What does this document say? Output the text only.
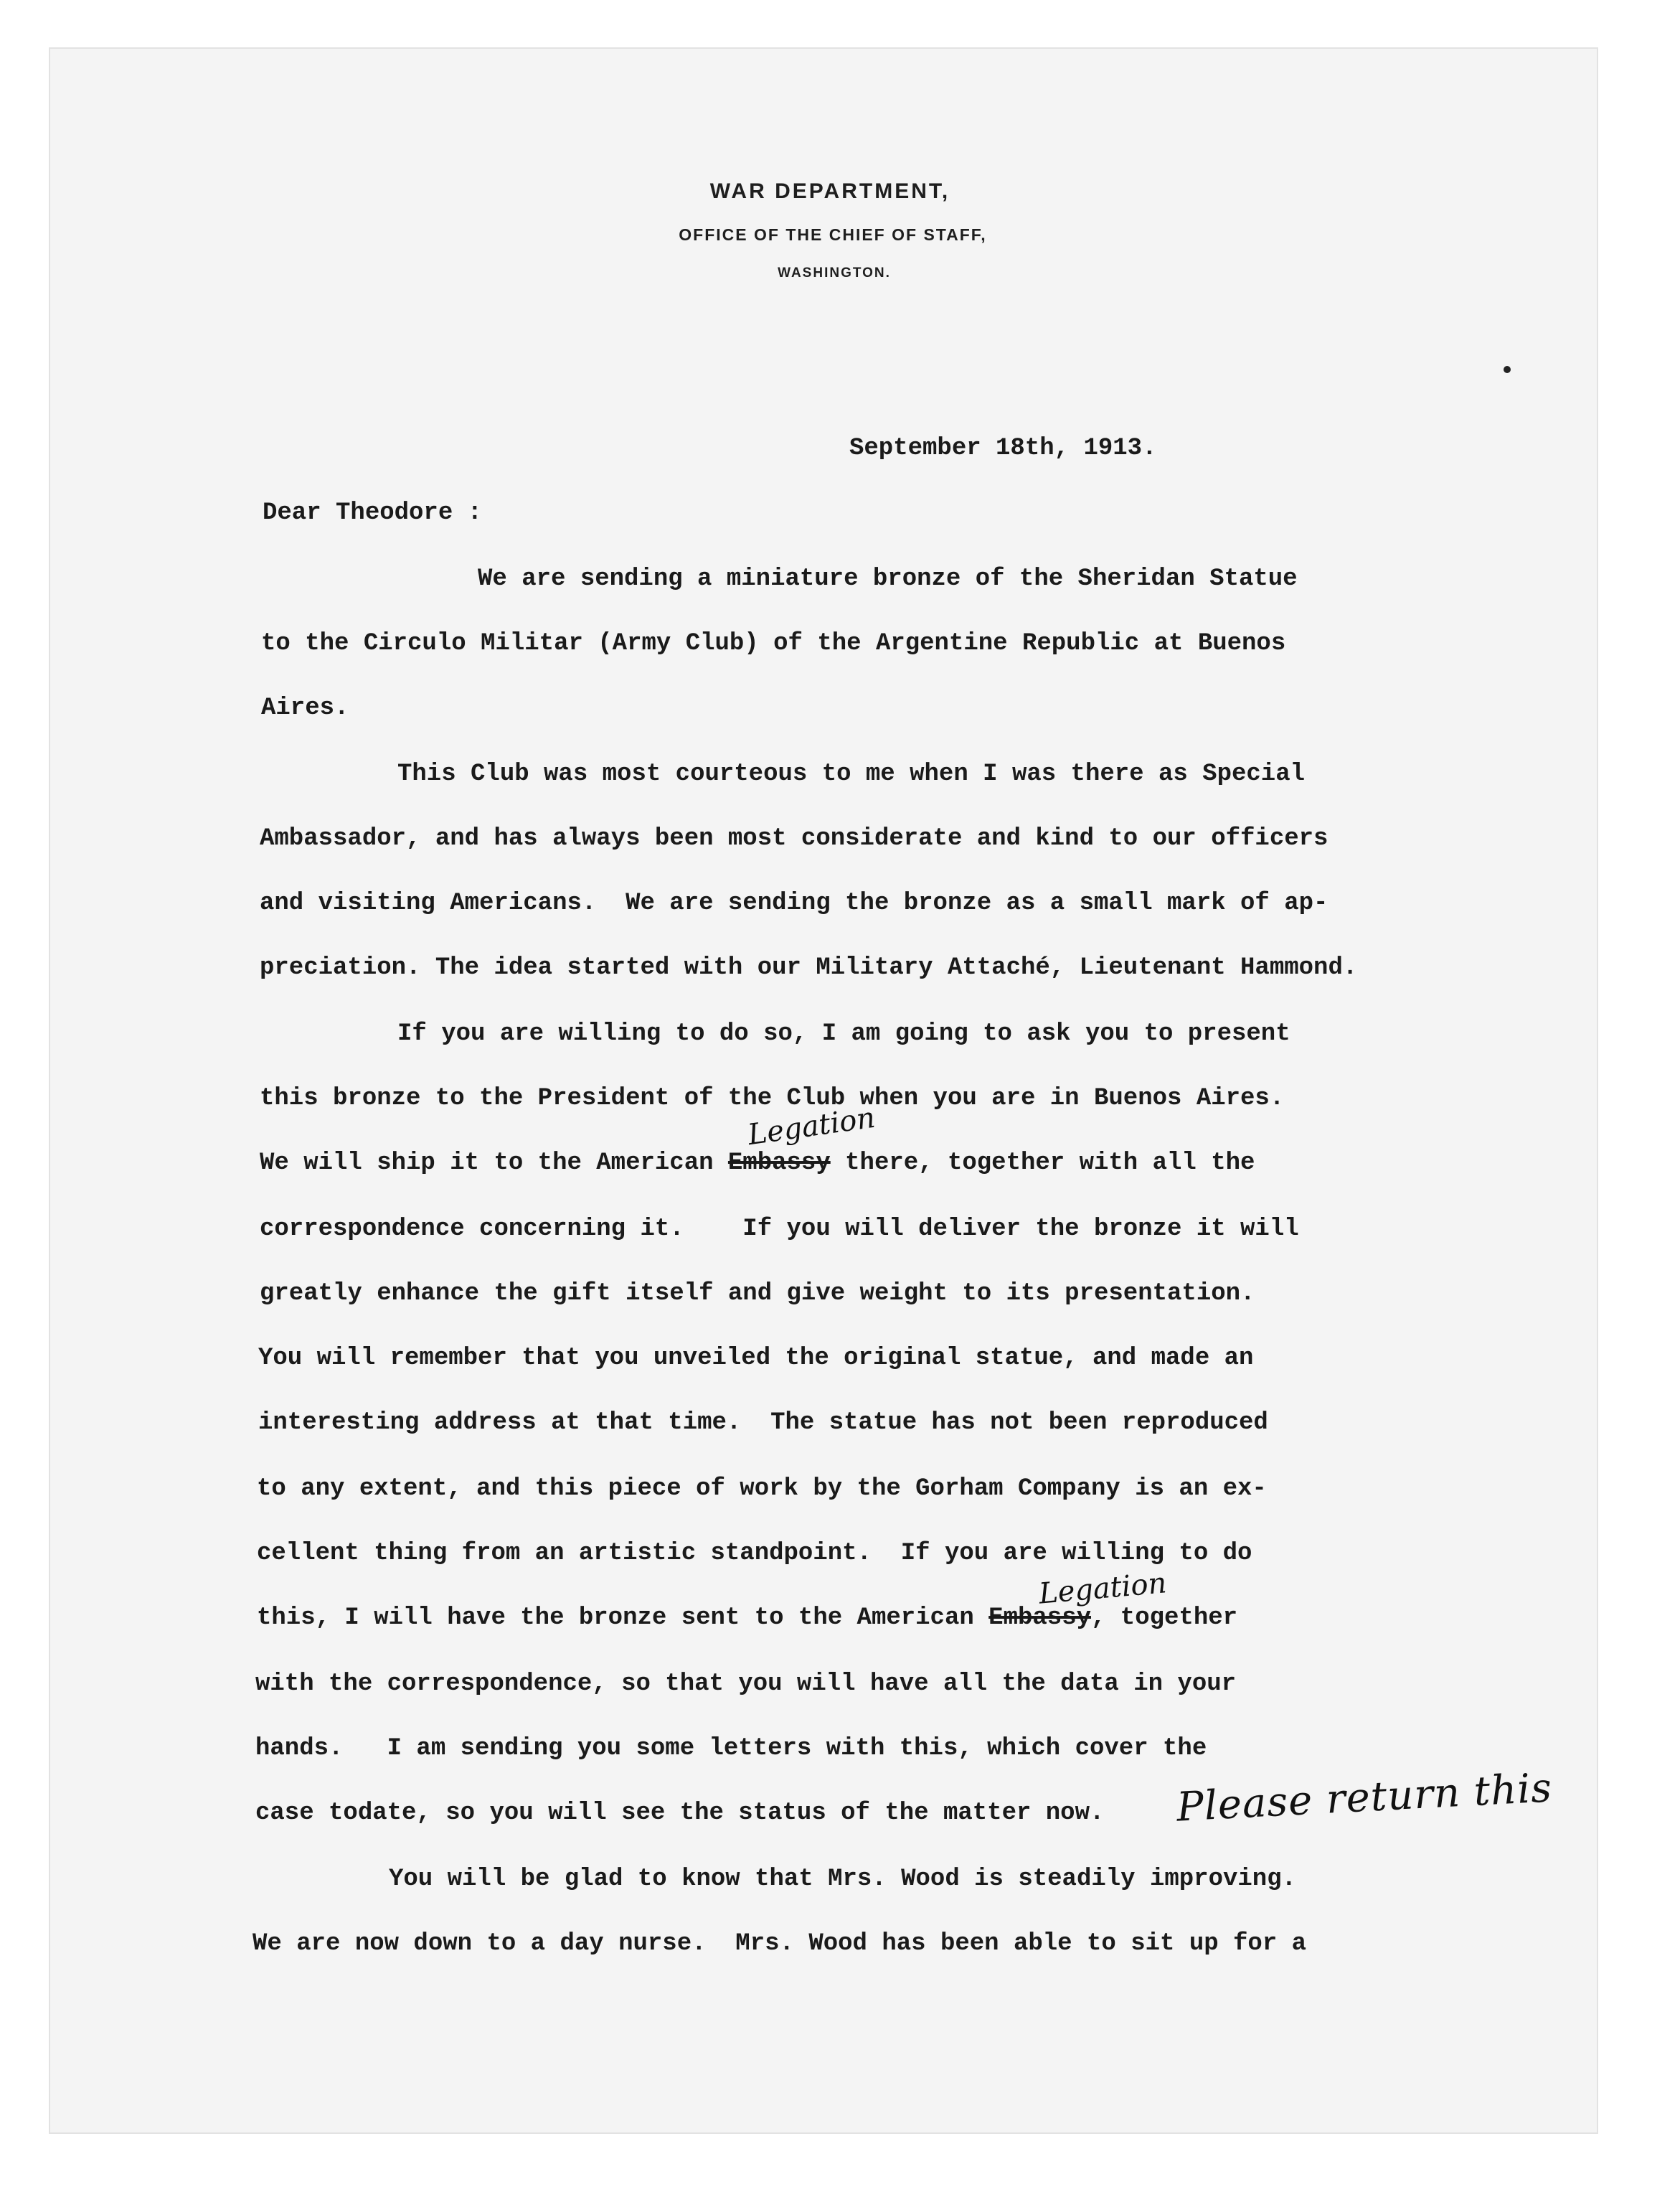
WAR DEPARTMENT,
OFFICE OF THE CHIEF OF STAFF,
WASHINGTON.
September 18th, 1913.
Dear Theodore :
We are sending a miniature bronze of the Sheridan Statue
to the Circulo Militar (Army Club) of the Argentine Republic at Buenos
Aires.
This Club was most courteous to me when I was there as Special
Ambassador, and has always been most considerate and kind to our officers
and visiting Americans.  We are sending the bronze as a small mark of ap-
preciation. The idea started with our Military Attaché, Lieutenant Hammond.
If you are willing to do so, I am going to ask you to present
this bronze to the President of the Club when you are in Buenos Aires.
We will ship it to the American Embassy there, together with all the
Legation
correspondence concerning it.    If you will deliver the bronze it will
greatly enhance the gift itself and give weight to its presentation.
You will remember that you unveiled the original statue, and made an
interesting address at that time.  The statue has not been reproduced
to any extent, and this piece of work by the Gorham Company is an ex-
cellent thing from an artistic standpoint.  If you are willing to do
this, I will have the bronze sent to the American Embassy, together
Legation
with the correspondence, so that you will have all the data in your
hands.   I am sending you some letters with this, which cover the
case todate, so you will see the status of the matter now. Please return this
You will be glad to know that Mrs. Wood is steadily improving.
We are now down to a day nurse.  Mrs. Wood has been able to sit up for a
